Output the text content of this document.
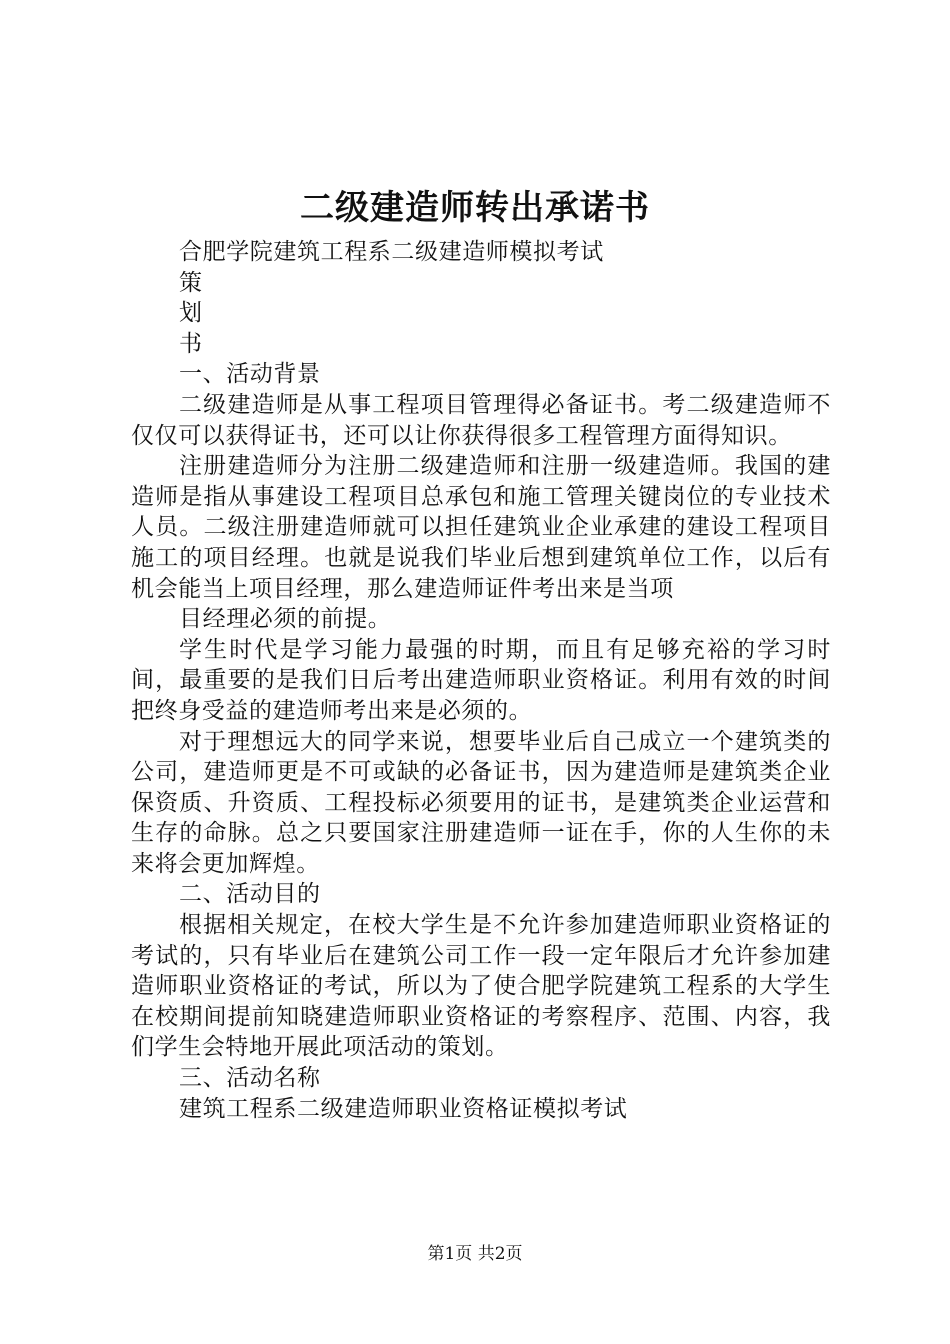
二级建造师转出承诺书

合肥学院建筑工程系二级建造师模拟考试

策

划

书

一、活动背景

二级建造师是从事工程项目管理得必备证书。考二级建造师不仅仅可以获得证书，还可以让你获得很多工程管理方面得知识。

注册建造师分为注册二级建造师和注册一级建造师。我国的建造师是指从事建设工程项目总承包和施工管理关键岗位的专业技术人员。二级注册建造师就可以担任建筑业企业承建的建设工程项目施工的项目经理。也就是说我们毕业后想到建筑单位工作，以后有机会能当上项目经理，那么建造师证件考出来是当项

目经理必须的前提。

学生时代是学习能力最强的时期，而且有足够充裕的学习时间，最重要的是我们日后考出建造师职业资格证。利用有效的时间把终身受益的建造师考出来是必须的。

对于理想远大的同学来说，想要毕业后自己成立一个建筑类的公司，建造师更是不可或缺的必备证书，因为建造师是建筑类企业保资质、升资质、工程投标必须要用的证书，是建筑类企业运营和生存的命脉。总之只要国家注册建造师一证在手，你的人生你的未来将会更加辉煌。

二、活动目的

根据相关规定，在校大学生是不允许参加建造师职业资格证的考试的，只有毕业后在建筑公司工作一段一定年限后才允许参加建造师职业资格证的考试，所以为了使合肥学院建筑工程系的大学生在校期间提前知晓建造师职业资格证的考察程序、范围、内容，我们学生会特地开展此项活动的策划。

三、活动名称

建筑工程系二级建造师职业资格证模拟考试

第1页 共2页
